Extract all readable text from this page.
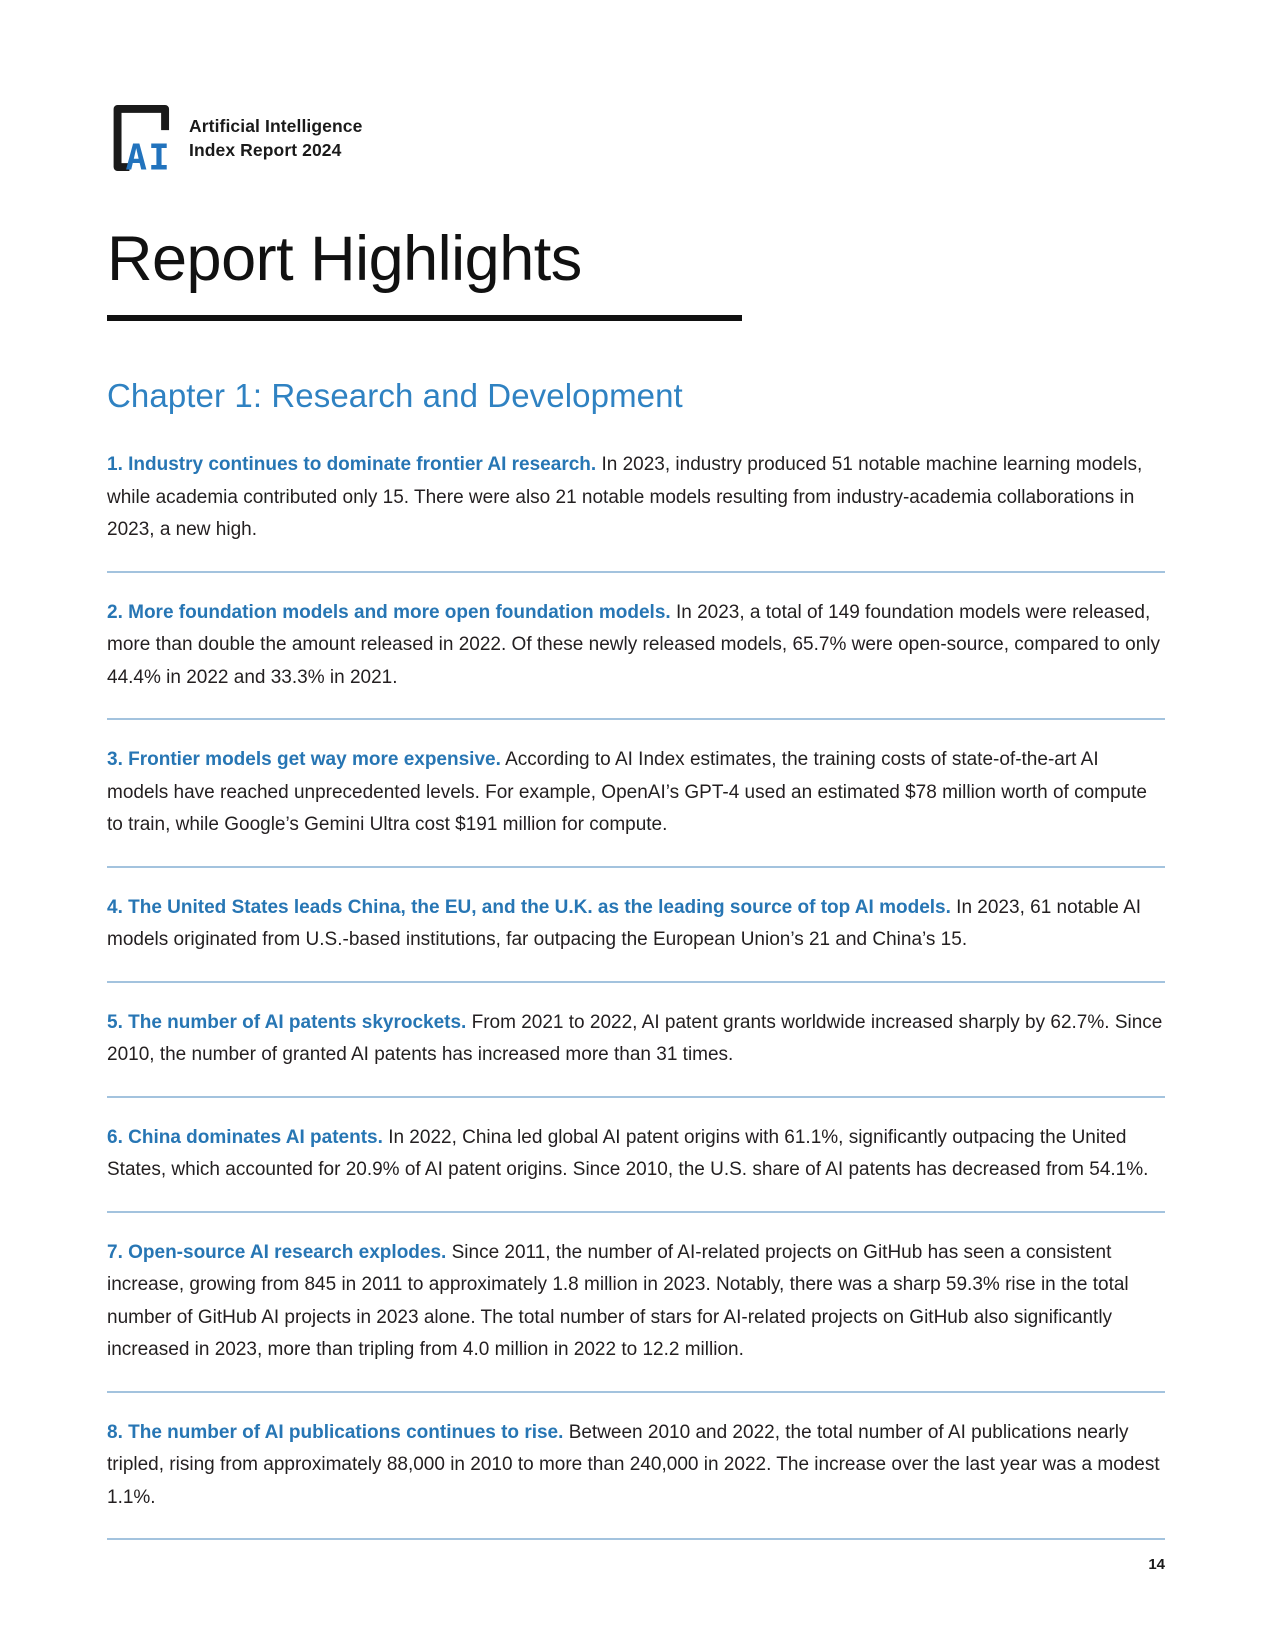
AI
Artificial Intelligence
Index Report 2024
Report Highlights
Chapter 1: Research and Development

1. Industry continues to dominate frontier AI research. In 2023, industry produced 51 notable machine learning models, while academia contributed only 15. There were also 21 notable models resulting from industry-academia collaborations in 2023, a new high.

2. More foundation models and more open foundation models. In 2023, a total of 149 foundation models were released, more than double the amount released in 2022. Of these newly released models, 65.7% were open-source, compared to only 44.4% in 2022 and 33.3% in 2021.

3. Frontier models get way more expensive. According to AI Index estimates, the training costs of state-of-the-art AI models have reached unprecedented levels. For example, OpenAI’s GPT-4 used an estimated $78 million worth of compute to train, while Google’s Gemini Ultra cost $191 million for compute.

4. The United States leads China, the EU, and the U.K. as the leading source of top AI models. In 2023, 61 notable AI models originated from U.S.-based institutions, far outpacing the European Union’s 21 and China’s 15.

5. The number of AI patents skyrockets. From 2021 to 2022, AI patent grants worldwide increased sharply by 62.7%. Since 2010, the number of granted AI patents has increased more than 31 times.

6. China dominates AI patents. In 2022, China led global AI patent origins with 61.1%, significantly outpacing the United States, which accounted for 20.9% of AI patent origins. Since 2010, the U.S. share of AI patents has decreased from 54.1%.

7. Open-source AI research explodes. Since 2011, the number of AI-related projects on GitHub has seen a consistent increase, growing from 845 in 2011 to approximately 1.8 million in 2023. Notably, there was a sharp 59.3% rise in the total number of GitHub AI projects in 2023 alone. The total number of stars for AI-related projects on GitHub also significantly increased in 2023, more than tripling from 4.0 million in 2022 to 12.2 million.

8. The number of AI publications continues to rise. Between 2010 and 2022, the total number of AI publications nearly tripled, rising from approximately 88,000 in 2010 to more than 240,000 in 2022. The increase over the last year was a modest 1.1%.

14
